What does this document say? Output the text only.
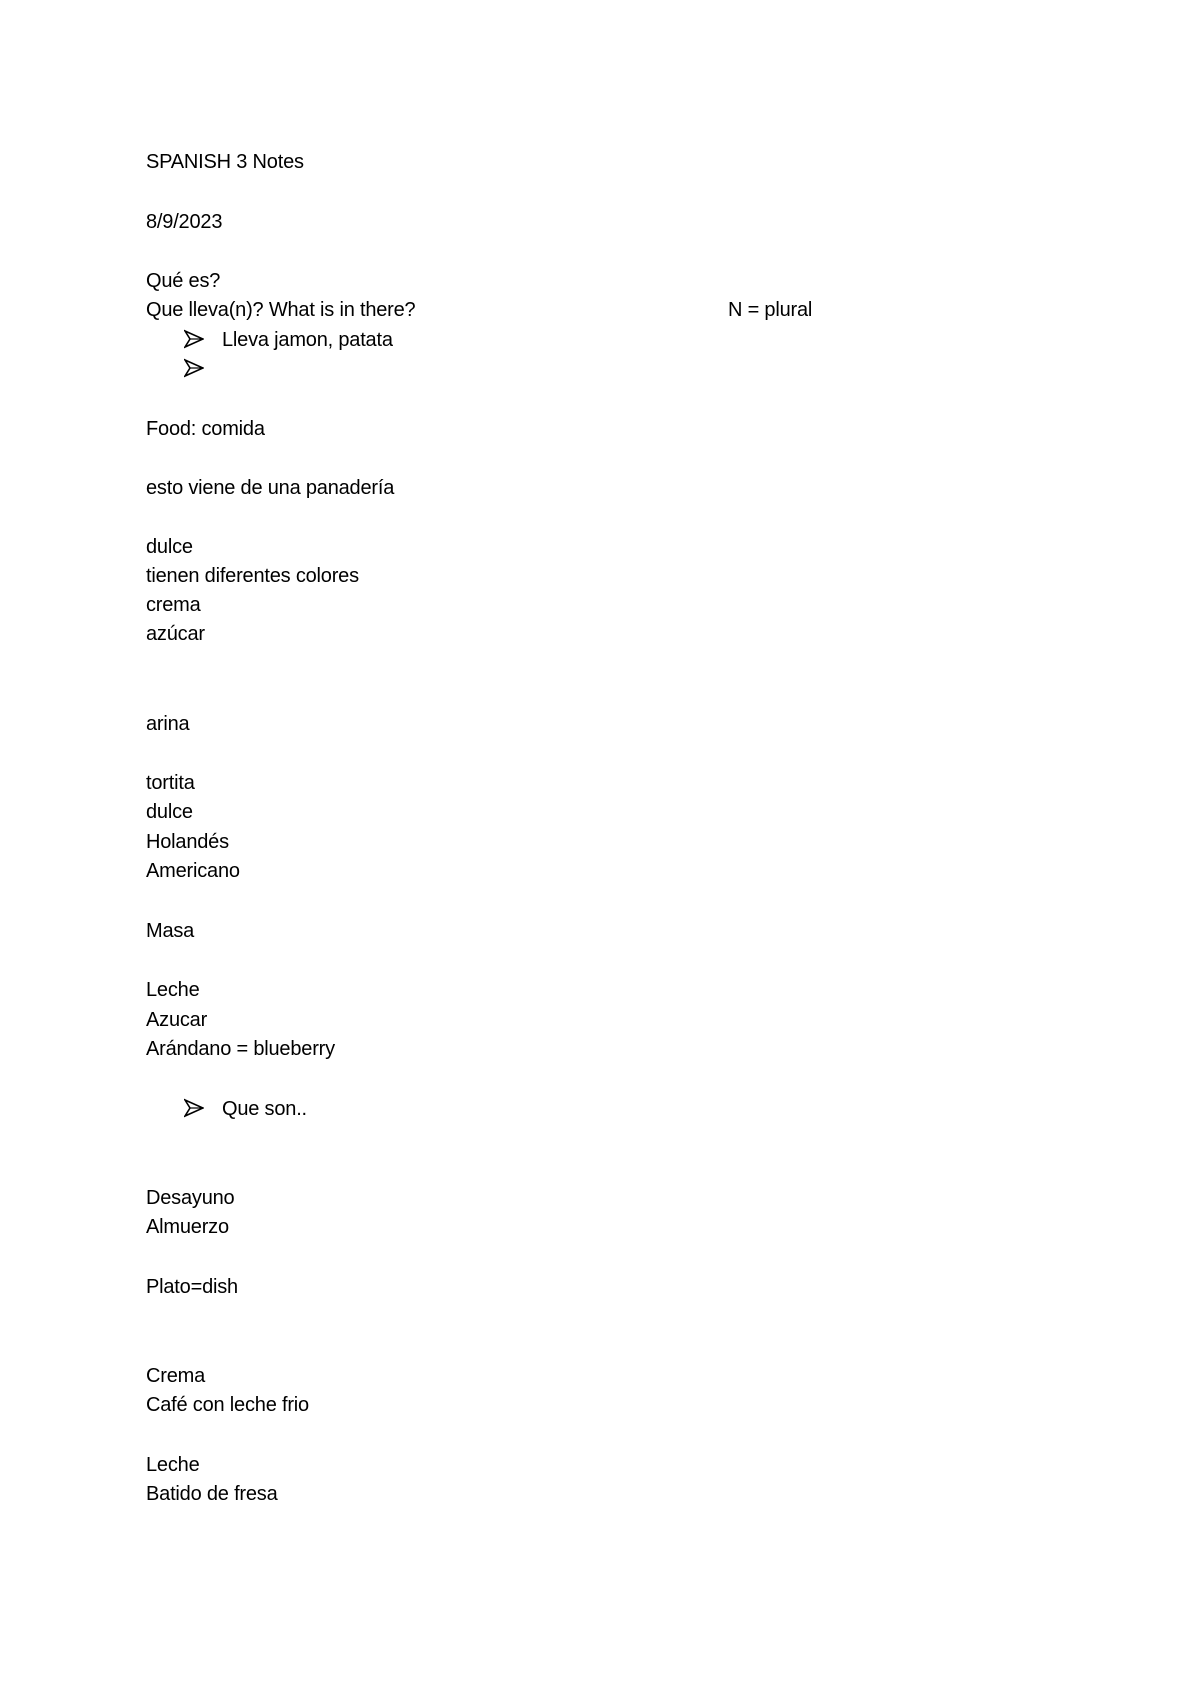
SPANISH 3 Notes
8/9/2023
Qué es?
Que lleva(n)? What is in there?	N = plural
Lleva jamon, patata
Food: comida
esto viene de una panadería
dulce
tienen diferentes colores
crema
azúcar
arina
tortita
dulce
Holandés
Americano
Masa
Leche
Azucar
Arándano = blueberry
Que son..
Desayuno
Almuerzo
Plato=dish
Crema
Café con leche frio
Leche
Batido de fresa
